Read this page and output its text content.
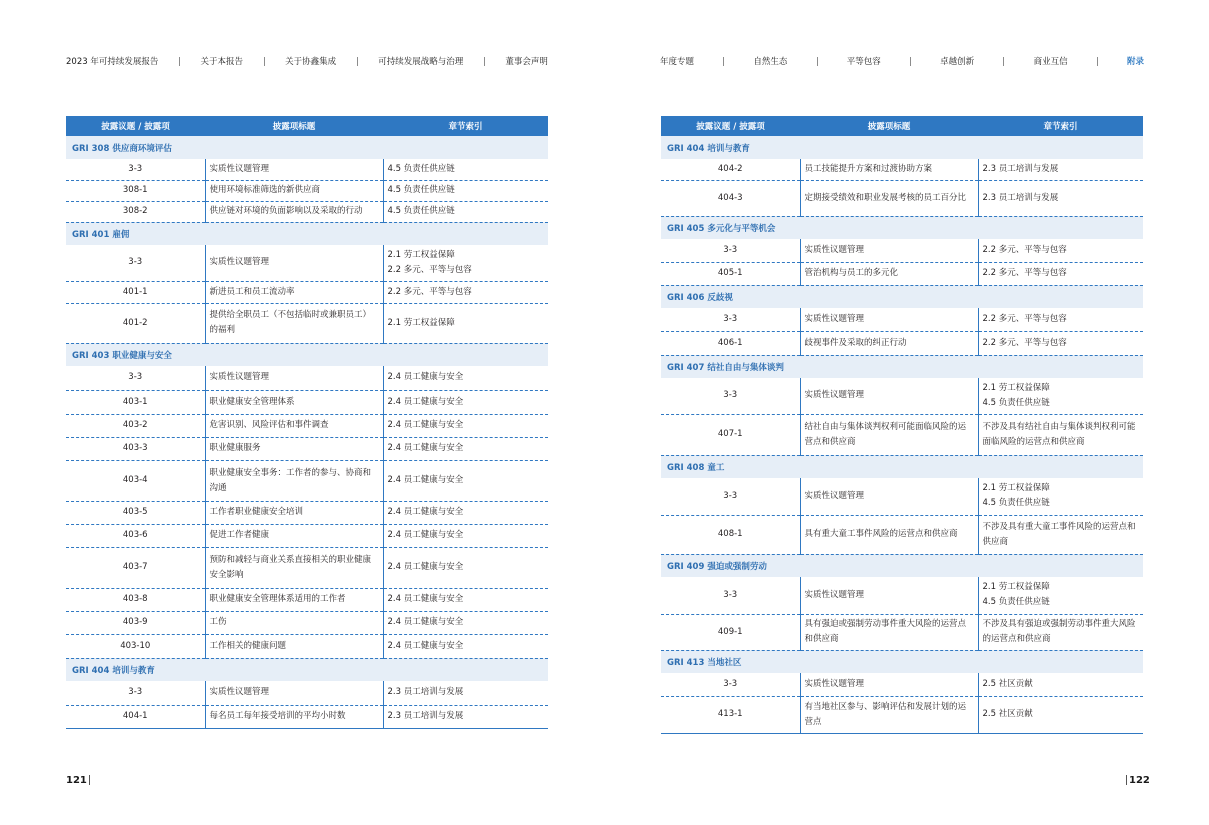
2023 年可持续发展报告	关于本报告	关于协鑫集成	可持续发展战略与治理	董事会声明	年度专题	自然生态	平等包容	卓越创新	商业互信	附录
披露议题 / 披露项	披露项标题	章节索引
GRI 308 供应商环境评估		
3-3	实质性议题管理	4.5 负责任供应链

308-1	使用环境标准筛选的新供应商	4.5 负责任供应链

308-2	供应链对环境的负面影响以及采取的行动	4.5 负责任供应链

GRI 401 雇佣		
3-3	实质性议题管理	2.1 劳工权益保障
2.2 多元、平等与包容

401-1	新进员工和员工流动率	2.2 多元、平等与包容

401-2	提供给全职员工（不包括临时或兼职员工）的福利	2.1 劳工权益保障

GRI 403 职业健康与安全		
3-3	实质性议题管理	2.4 员工健康与安全

403-1	职业健康安全管理体系	2.4 员工健康与安全

403-2	危害识别、风险评估和事件调查	2.4 员工健康与安全

403-3	职业健康服务	2.4 员工健康与安全

403-4	职业健康安全事务：工作者的参与、协商和沟通	2.4 员工健康与安全

403-5	工作者职业健康安全培训	2.4 员工健康与安全

403-6	促进工作者健康	2.4 员工健康与安全

403-7	预防和减轻与商业关系直接相关的职业健康安全影响	2.4 员工健康与安全

403-8	职业健康安全管理体系适用的工作者	2.4 员工健康与安全

403-9	工伤	2.4 员工健康与安全

403-10	工作相关的健康问题	2.4 员工健康与安全

GRI 404 培训与教育		
3-3	实质性议题管理	2.3 员工培训与发展

404-1	每名员工每年接受培训的平均小时数	2.3 员工培训与发展
披露议题 / 披露项	披露项标题	章节索引
GRI 404 培训与教育		
404-2	员工技能提升方案和过渡协助方案	2.3 员工培训与发展

404-3	定期接受绩效和职业发展考核的员工百分比	2.3 员工培训与发展

GRI 405 多元化与平等机会		
3-3	实质性议题管理	2.2 多元、平等与包容

405-1	管治机构与员工的多元化	2.2 多元、平等与包容

GRI 406 反歧视		
3-3	实质性议题管理	2.2 多元、平等与包容

406-1	歧视事件及采取的纠正行动	2.2 多元、平等与包容

GRI 407 结社自由与集体谈判		
3-3	实质性议题管理	2.1 劳工权益保障
4.5 负责任供应链

407-1	结社自由与集体谈判权利可能面临风险的运营点和供应商	不涉及具有结社自由与集体谈判权利可能面临风险的运营点和供应商

GRI 408 童工		
3-3	实质性议题管理	2.1 劳工权益保障
4.5 负责任供应链

408-1	具有重大童工事件风险的运营点和供应商	不涉及具有重大童工事件风险的运营点和供应商

GRI 409 强迫或强制劳动		
3-3	实质性议题管理	2.1 劳工权益保障
4.5 负责任供应链

409-1	具有强迫或强制劳动事件重大风险的运营点和供应商	不涉及具有强迫或强制劳动事件重大风险的运营点和供应商

GRI 413 当地社区		
3-3	实质性议题管理	2.5 社区贡献

413-1	有当地社区参与、影响评估和发展计划的运营点	2.5 社区贡献
121	122
